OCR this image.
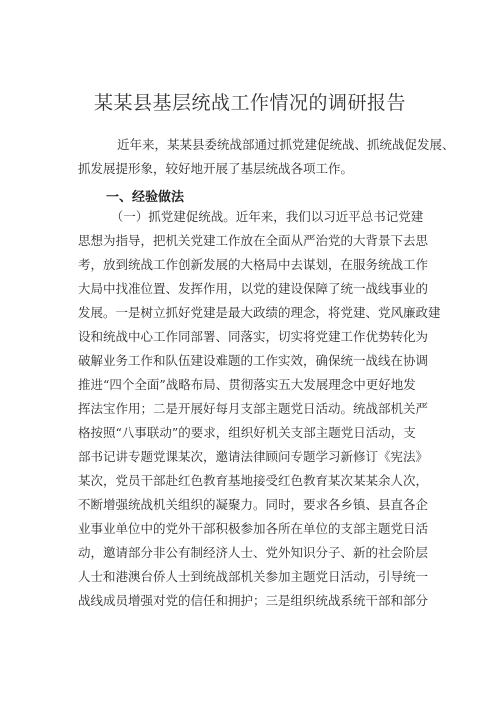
某某县基层统战工作情况的调研报告
　　近年来，某某县委统战部通过抓党建促统战、抓统战促发展、
抓发展提形象，较好地开展了基层统战各项工作。
一、经验做法
　　（一）抓党建促统战。近年来，我们以习近平总书记党建
思想为指导，把机关党建工作放在全面从严治党的大背景下去思
考，放到统战工作创新发展的大格局中去谋划，在服务统战工作
大局中找准位置、发挥作用，以党的建设保障了统一战线事业的
发展。一是树立抓好党建是最大政绩的理念，将党建、党风廉政建
设和统战中心工作同部署、同落实，切实将党建工作优势转化为
破解业务工作和队伍建设难题的工作实效，确保统一战线在协调
推进“四个全面”战略布局、贯彻落实五大发展理念中更好地发
挥法宝作用；二是开展好每月支部主题党日活动。统战部机关严
格按照“八事联动”的要求，组织好机关支部主题党日活动，支
部书记讲专题党课某次，邀请法律顾问专题学习新修订《宪法》
某次，党员干部赴红色教育基地接受红色教育某次某某余人次，
不断增强统战机关组织的凝聚力。同时，要求各乡镇、县直各企
业事业单位中的党外干部积极参加各所在单位的支部主题党日活
动，邀请部分非公有制经济人士、党外知识分子、新的社会阶层
人士和港澳台侨人士到统战部机关参加主题党日活动，引导统一
战线成员增强对党的信任和拥护；三是组织统战系统干部和部分
